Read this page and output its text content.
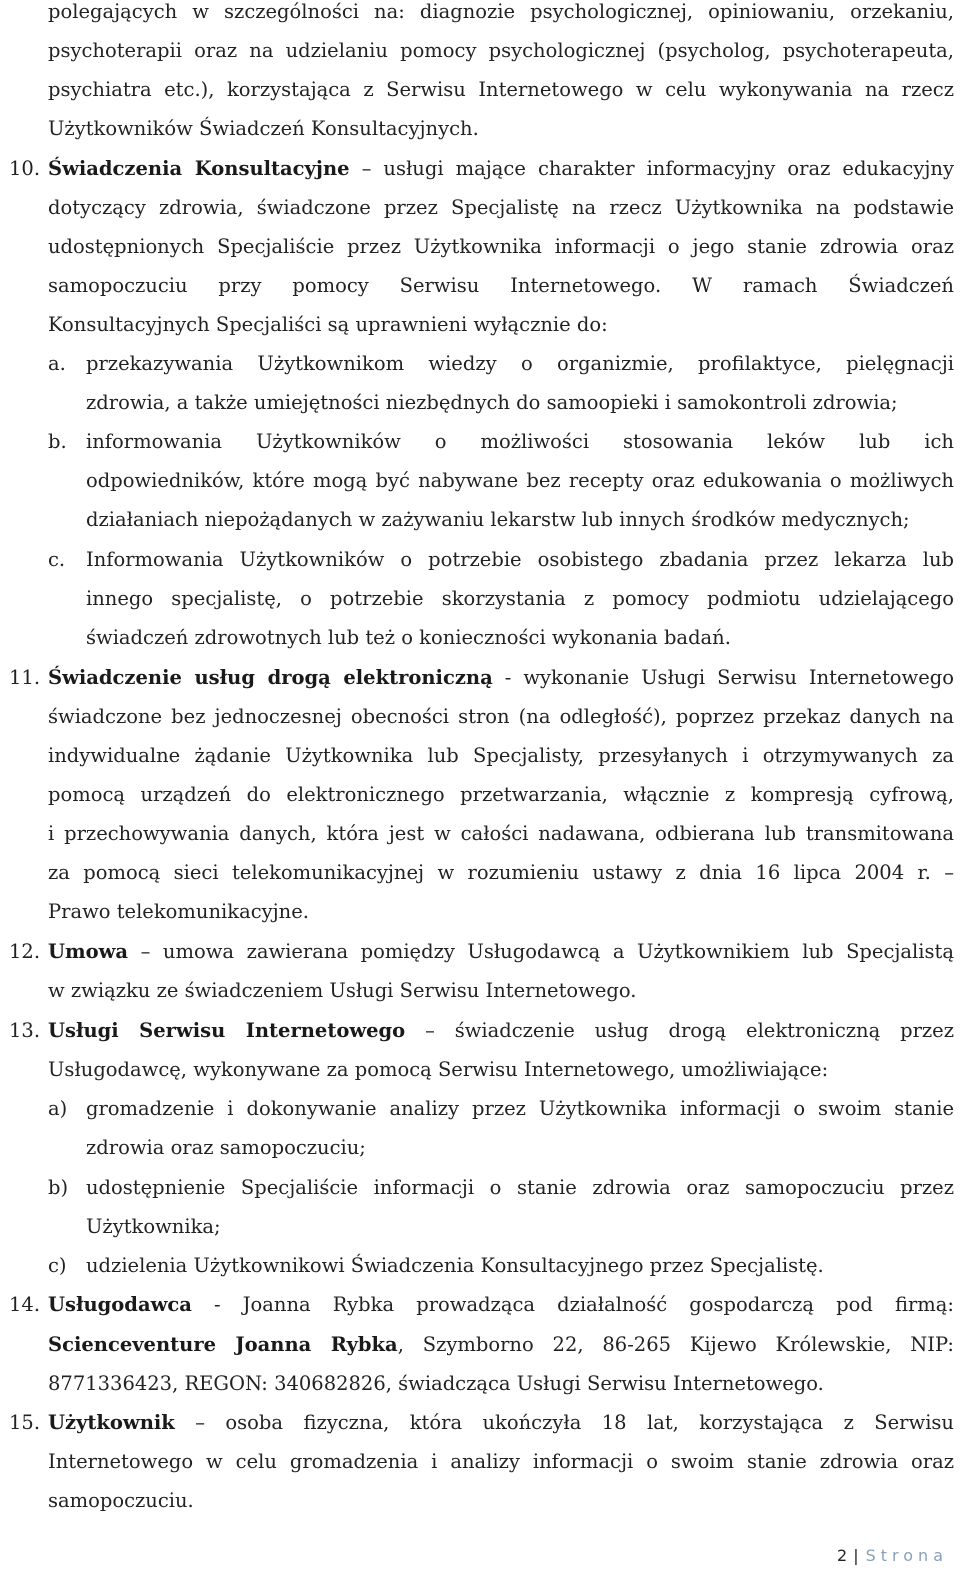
polegających w szczególności na: diagnozie psychologicznej, opiniowaniu, orzekaniu,
psychoterapii oraz na udzielaniu pomocy psychologicznej (psycholog, psychoterapeuta,
psychiatra etc.), korzystająca z Serwisu Internetowego w celu wykonywania na rzecz
Użytkowników Świadczeń Konsultacyjnych.
10. Świadczenia Konsultacyjne – usługi mające charakter informacyjny oraz edukacyjny
dotyczący zdrowia, świadczone przez Specjalistę na rzecz Użytkownika na podstawie
udostępnionych Specjaliście przez Użytkownika informacji o jego stanie zdrowia oraz
samopoczuciu przy pomocy Serwisu Internetowego. W ramach Świadczeń
Konsultacyjnych Specjaliści są uprawnieni wyłącznie do:
a.	przekazywania Użytkownikom wiedzy o organizmie, profilaktyce, pielęgnacji
zdrowia, a także umiejętności niezbędnych do samoopieki i samokontroli zdrowia;
b. informowania Użytkowników o możliwości stosowania leków lub ich
odpowiedników, które mogą być nabywane bez recepty oraz edukowania o możliwych
działaniach niepożądanych w zażywaniu lekarstw lub innych środków medycznych;
c.	Informowania Użytkowników o potrzebie osobistego zbadania przez lekarza lub
innego specjalistę, o potrzebie skorzystania z pomocy podmiotu udzielającego
świadczeń zdrowotnych lub też o konieczności wykonania badań.
11. Świadczenie usług drogą elektroniczną - wykonanie Usługi Serwisu Internetowego
świadczone bez jednoczesnej obecności stron (na odległość), poprzez przekaz danych na
indywidualne żądanie Użytkownika lub Specjalisty, przesyłanych i otrzymywanych za
pomocą urządzeń do elektronicznego przetwarzania, włącznie z kompresją cyfrową,
i przechowywania danych, która jest w całości nadawana, odbierana lub transmitowana
za pomocą sieci telekomunikacyjnej w rozumieniu ustawy z dnia 16 lipca 2004 r. –
Prawo telekomunikacyjne.
12. Umowa – umowa zawierana pomiędzy Usługodawcą a Użytkownikiem lub Specjalistą
w związku ze świadczeniem Usługi Serwisu Internetowego.
13. Usługi Serwisu Internetowego – świadczenie usług drogą elektroniczną przez
Usługodawcę, wykonywane za pomocą Serwisu Internetowego, umożliwiające:
a) gromadzenie i dokonywanie analizy przez Użytkownika informacji o swoim stanie
zdrowia oraz samopoczuciu;
b) udostępnienie Specjaliście informacji o stanie zdrowia oraz samopoczuciu przez
Użytkownika;
c) udzielenia Użytkownikowi Świadczenia Konsultacyjnego przez Specjalistę.
14. Usługodawca - Joanna Rybka prowadząca działalność gospodarczą pod firmą:
Scienceventure Joanna Rybka, Szymborno 22, 86-265 Kijewo Królewskie, NIP:
8771336423, REGON: 340682826, świadcząca Usługi Serwisu Internetowego.
15. Użytkownik – osoba fizyczna, która ukończyła 18 lat, korzystająca z Serwisu
Internetowego w celu gromadzenia i analizy informacji o swoim stanie zdrowia oraz
samopoczuciu.
2 | Strona
